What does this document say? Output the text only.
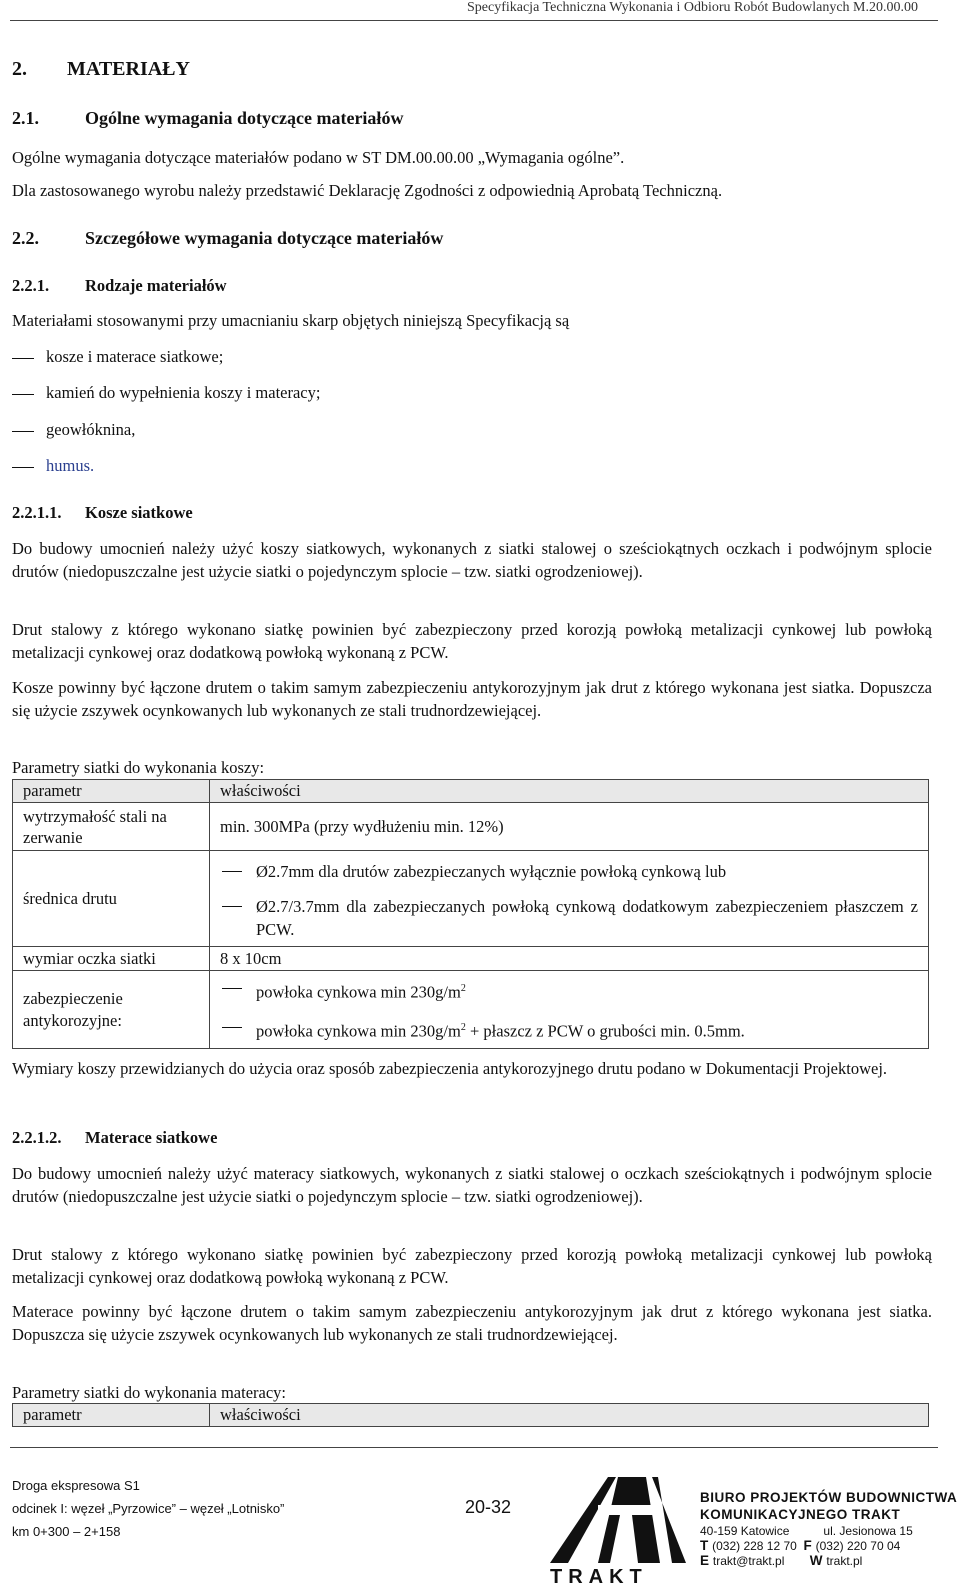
Specyfikacja Techniczna Wykonania i Odbioru Robót Budowlanych M.20.00.00
2. MATERIAŁY
2.1.	Ogólne wymagania dotyczące materiałów

Ogólne wymagania dotyczące materiałów podano w ST DM.00.00.00 „Wymagania ogólne”.

Dla zastosowanego wyrobu należy przedstawić Deklarację Zgodności z odpowiednią Aprobatą Techniczną.

2.2.	Szczegółowe wymagania dotyczące materiałów
2.2.1. Rodzaje materiałów

Materiałami stosowanymi przy umacnianiu skarp objętych niniejszą Specyfikacją są

kosze i materace siatkowe;
kamień do wypełnienia koszy i materacy;
geowłóknina,
humus.
2.2.1.1. Kosze siatkowe

Do budowy umocnień należy użyć koszy siatkowych, wykonanych z siatki stalowej o sześciokątnych oczkach i podwójnym splocie drutów (niedopuszczalne jest użycie siatki o pojedynczym splocie – tzw. siatki ogrodzeniowej).

Drut stalowy z którego wykonano siatkę powinien być zabezpieczony przed korozją powłoką metalizacji cynkowej lub powłoką metalizacji cynkowej oraz dodatkową powłoką wykonaną z PCW.

Kosze powinny być łączone drutem o takim samym zabezpieczeniu antykorozyjnym jak drut z którego wykonana jest siatka. Dopuszcza się użycie zszywek ocynkowanych lub wykonanych ze stali trudnordzewiejącej.

Parametry siatki do wykonania koszy:

parametr	właściwości
wytrzymałość stali na zerwanie	min. 300MPa (przy wydłużeniu min. 12%)
średnica drutu	Ø2.7mm dla drutów zabezpieczanych wyłącznie powłoką cynkową lub

Ø2.7/3.7mm dla zabezpieczanych powłoką cynkową dodatkowym zabezpieczeniem płaszczem z PCW.

wymiar oczka siatki	8 x 10cm
zabezpieczenie antykorozyjne:	powłoka cynkowa $\min 230g/m^2$

powłoka cynkowa $\min 230g/m^2$ + płaszcz z PCW o grubości min. 0.5mm.

Wymiary koszy przewidzianych do użycia oraz sposób zabezpieczenia antykorozyjnego drutu podano w Dokumentacji Projektowej.

2.2.1.2. Materace siatkowe

Do budowy umocnień należy użyć materacy siatkowych, wykonanych z siatki stalowej o oczkach sześciokątnych i podwójnym splocie drutów (niedopuszczalne jest użycie siatki o pojedynczym splocie – tzw. siatki ogrodzeniowej).

Drut stalowy z którego wykonano siatkę powinien być zabezpieczony przed korozją powłoką metalizacji cynkowej lub powłoką metalizacji cynkowej oraz dodatkową powłoką wykonaną z PCW.

Materace powinny być łączone drutem o takim samym zabezpieczeniu antykorozyjnym jak drut z którego wykonana jest siatka. Dopuszcza się użycie zszywek ocynkowanych lub wykonanych ze stali trudnordzewiejącej.

Parametry siatki do wykonania materacy:

parametr	właściwości
Droga ekspresowa S1
odcinek I: węzeł „Pyrzowice” – węzeł „Lotnisko”
km 0+300 – 2+158
20-32
TRAKT
BIURO PROJEKTÓW BUDOWNICTWA
KOMUNIKACYJNEGO TRAKT
40-159 Katowice	ul. Jesionowa 15
T (032) 228 12 70 F (032) 220 70 04
E trakt@trakt.pl W trakt.pl
